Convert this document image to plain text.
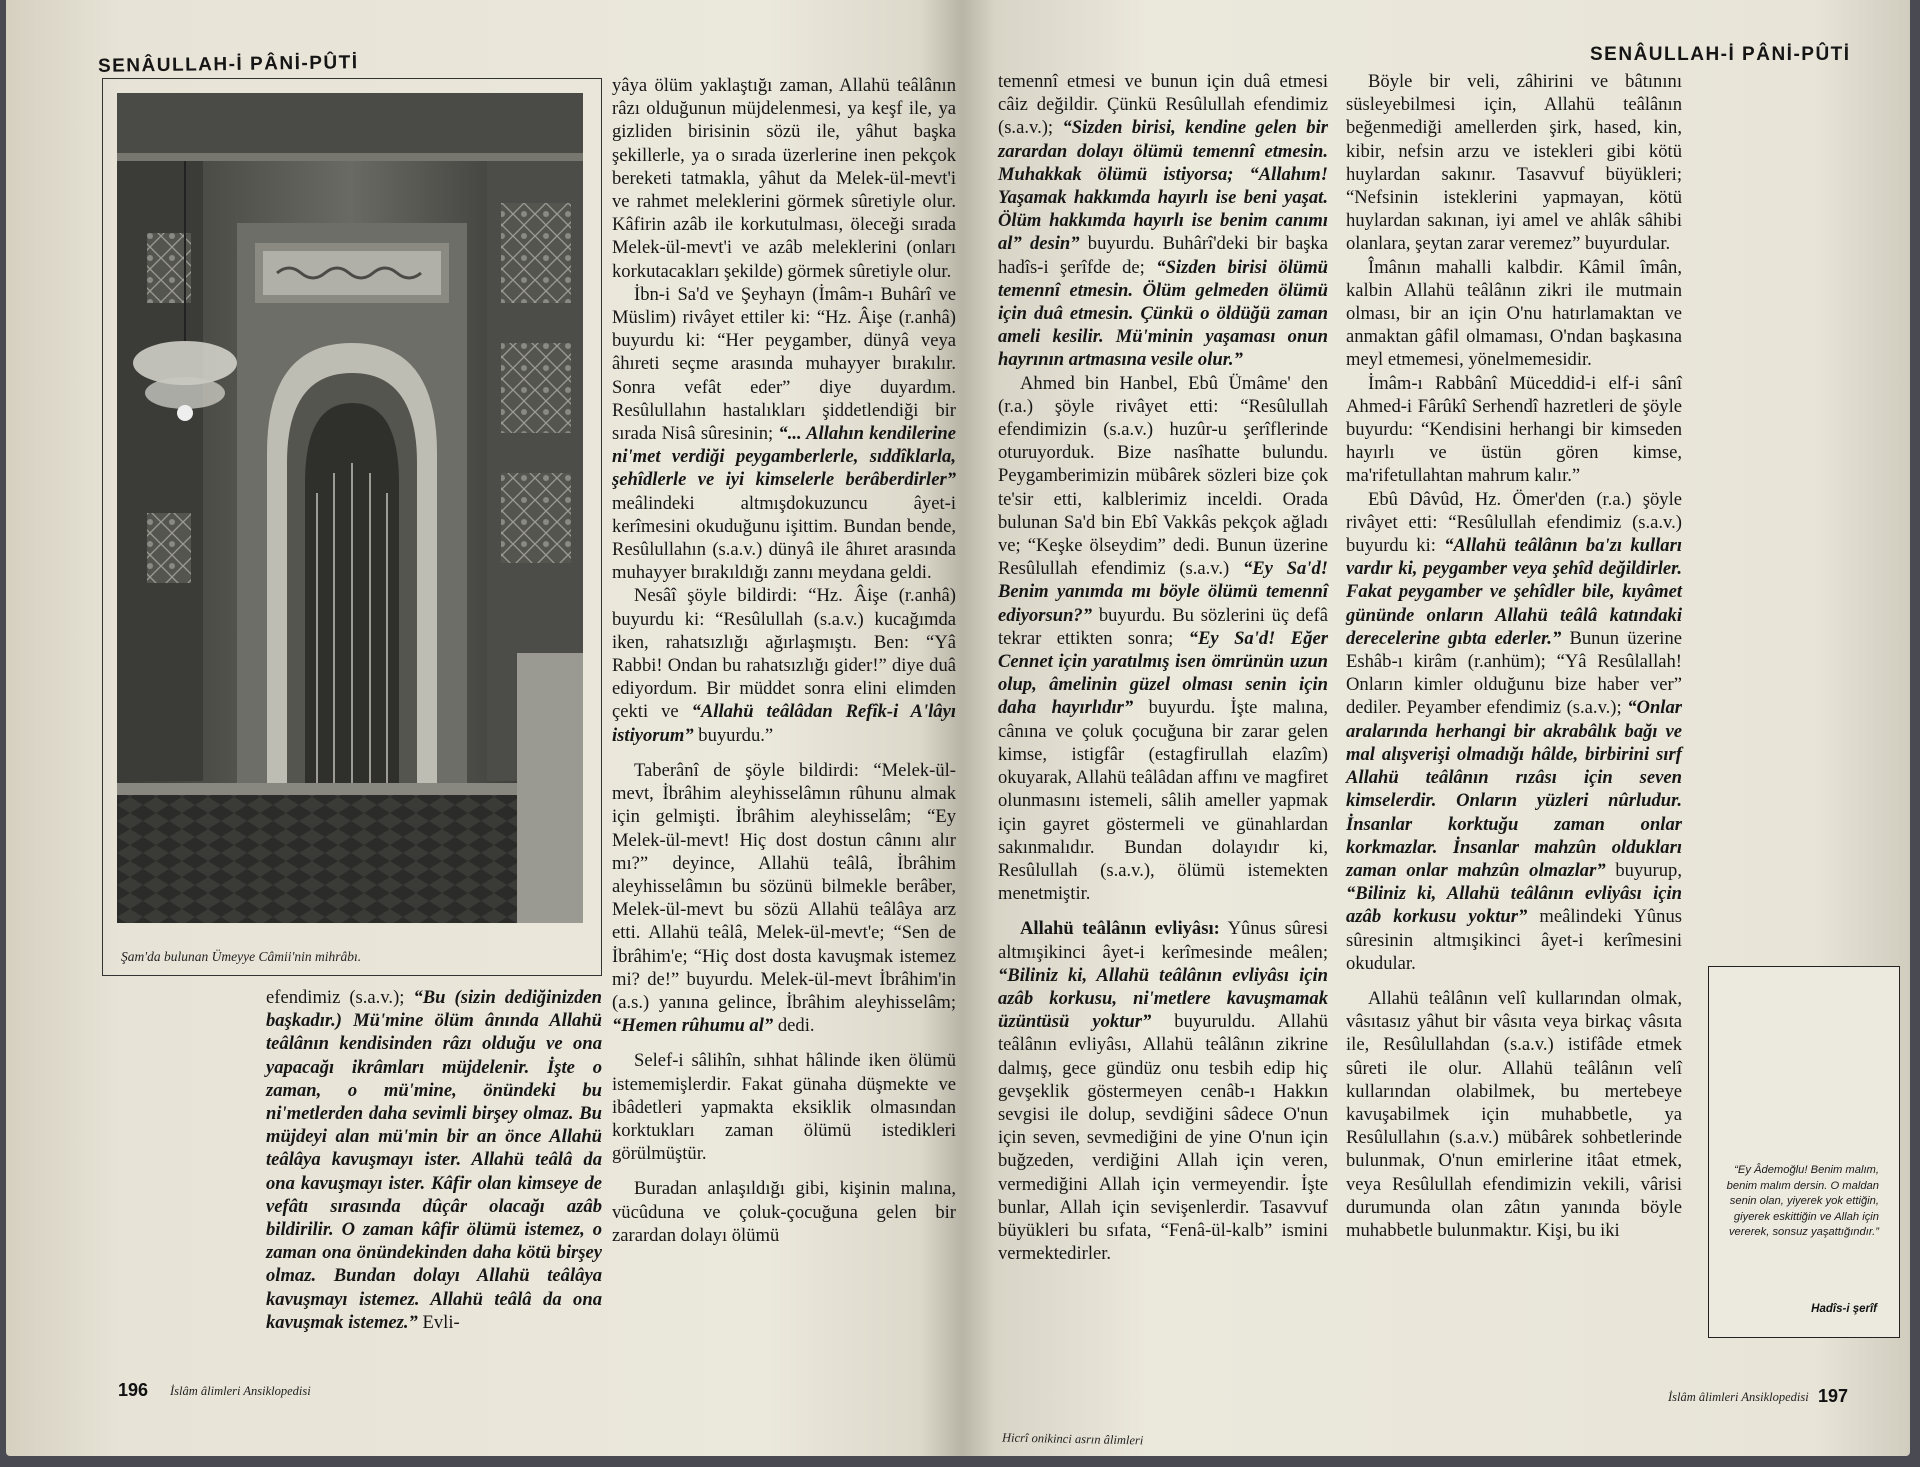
SENÂULLAH-İ PÂNİ-PÛTİ
Şam'da bulunan Ümeyye Câmii'nin mihrâbı.

efendimiz (s.a.v.); “Bu (sizin dediğinizden başkadır.) Mü'mine ölüm ânında Allahü teâlânın kendisinden râzı olduğu ve ona yapacağı ikrâmları müjdelenir. İşte o zaman, o mü'mine, önündeki bu ni'metlerden daha sevimli birşey olmaz. Bu müjdeyi alan mü'min bir an önce Allahü teâlâya kavuşmayı ister. Allahü teâlâ da ona kavuşmayı ister. Kâfir olan kimseye de vefâtı sırasında dûçâr olacağı azâb bildirilir. O zaman kâfir ölümü istemez, o zaman ona önündekinden daha kötü birşey olmaz. Bundan dolayı Allahü teâlâya kavuşmayı istemez. Allahü teâlâ da ona kavuşmak istemez.” Evli-

yâya ölüm yaklaştığı zaman, Allahü teâlânın râzı olduğunun müjdelenmesi, ya keşf ile, ya gizliden birisinin sözü ile, yâhut başka şekillerle, ya o sırada üzerlerine inen pekçok bereketi tatmakla, yâhut da Melek-ül-mevt'i ve rahmet meleklerini görmek sûretiyle olur. Kâfirin azâb ile korkutulması, öleceği sırada Melek-ül-mevt'i ve azâb meleklerini (onları korkutacakları şekilde) görmek sûretiyle olur.

İbn-i Sa'd ve Şeyhayn (İmâm-ı Buhârî ve Müslim) rivâyet ettiler ki: “Hz. Âişe (r.anhâ) buyurdu ki: “Her peygamber, dünyâ veya âhıreti seçme arasında muhayyer bırakılır. Sonra vefât eder” diye duyardım. Resûlullahın hastalıkları şiddetlendiği bir sırada Nisâ sûresinin; “... Allahın kendilerine ni'met verdiği peygamberlerle, sıddîklarla, şehîdlerle ve iyi kimselerle berâberdirler” meâlindeki altmışdokuzuncu âyet-i kerîmesini okuduğunu işittim. Bundan bende, Resûlullahın (s.a.v.) dünyâ ile âhıret arasında muhayyer bırakıldığı zannı meydana geldi.

Nesâî şöyle bildirdi: “Hz. Âişe (r.anhâ) buyurdu ki: “Resûlullah (s.a.v.) kucağımda iken, rahatsızlığı ağırlaşmıştı. Ben: “Yâ Rabbi! Ondan bu rahatsızlığı gider!” diye duâ ediyordum. Bir müddet sonra elini elimden çekti ve “Allahü teâlâdan Refîk-i A'lâyı istiyorum” buyurdu.”

Taberânî de şöyle bildirdi: “Melek-ül-mevt, İbrâhim aleyhisselâmın rûhunu almak için gelmişti. İbrâhim aleyhisselâm; “Ey Melek-ül-mevt! Hiç dost dostun cânını alır mı?” deyince, Allahü teâlâ, İbrâhim aleyhisselâmın bu sözünü bilmekle berâber, Melek-ül-mevt bu sözü Allahü teâlâya arz etti. Allahü teâlâ, Melek-ül-mevt'e; “Sen de İbrâhim'e; “Hiç dost dosta kavuşmak istemez mi? de!” buyurdu. Melek-ül-mevt İbrâhim'in (a.s.) yanına gelince, İbrâhim aleyhisselâm; “Hemen rûhumu al” dedi.

Selef-i sâlihîn, sıhhat hâlinde iken ölümü istememişlerdir. Fakat günaha düşmekte ve ibâdetleri yapmakta eksiklik olmasından korktukları zaman ölümü istedikleri görülmüştür.

Buradan anlaşıldığı gibi, kişinin malına, vücûduna ve çoluk-çocuğuna gelen bir zarardan dolayı ölümü

196 İslâm âlimleri Ansiklopedisi
SENÂULLAH-İ PÂNİ-PÛTİ

temennî etmesi ve bunun için duâ etmesi câiz değildir. Çünkü Resûlullah efendimiz (s.a.v.); “Sizden birisi, kendine gelen bir zarardan dolayı ölümü temennî etmesin. Muhakkak ölümü istiyorsa; “Allahım! Yaşamak hakkımda hayırlı ise beni yaşat. Ölüm hakkımda hayırlı ise benim canımı al” desin” buyurdu. Buhârî'deki bir başka hadîs-i şerîfde de; “Sizden birisi ölümü temennî etmesin. Ölüm gelmeden ölümü için duâ etmesin. Çünkü o öldüğü zaman ameli kesilir. Mü'minin yaşaması onun hayrının artmasına vesile olur.”

Ahmed bin Hanbel, Ebû Ümâme' den (r.a.) şöyle rivâyet etti: “Resûlullah efendimizin (s.a.v.) huzûr-u şerîflerinde oturuyorduk. Bize nasîhatte bulundu. Peygamberimizin mübârek sözleri bize çok te'sir etti, kalblerimiz inceldi. Orada bulunan Sa'd bin Ebî Vakkâs pekçok ağladı ve; “Keşke ölseydim” dedi. Bunun üzerine Resûlullah efendimiz (s.a.v.) “Ey Sa'd! Benim yanımda mı böyle ölümü temennî ediyorsun?” buyurdu. Bu sözlerini üç defâ tekrar ettikten sonra; “Ey Sa'd! Eğer Cennet için yaratılmış isen ömrünün uzun olup, âmelinin güzel olması senin için daha hayırlıdır” buyurdu. İşte malına, cânına ve çoluk çocuğuna bir zarar gelen kimse, istigfâr (estagfirullah elazîm) okuyarak, Allahü teâlâdan affını ve magfiret olunmasını istemeli, sâlih ameller yapmak için gayret göstermeli ve günahlardan sakınmalıdır. Bundan dolayıdır ki, Resûlullah (s.a.v.), ölümü istemekten menetmiştir.

Allahü teâlânın evliyâsı: Yûnus sûresi altmışikinci âyet-i kerîmesinde meâlen; “Biliniz ki, Allahü teâlânın evliyâsı için azâb korkusu, ni'metlere kavuşmamak üzüntüsü yoktur” buyuruldu. Allahü teâlânın evliyâsı, Allahü teâlânın zikrine dalmış, gece gündüz onu tesbih edip hiç gevşeklik göstermeyen cenâb-ı Hakkın sevgisi ile dolup, sevdiğini sâdece O'nun için seven, sevmediğini de yine O'nun için buğzeden, verdiğini Allah için veren, vermediğini Allah için vermeyendir. İşte bunlar, Allah için sevişenlerdir. Tasavvuf büyükleri bu sıfata, “Fenâ-ül-kalb” ismini vermektedirler.

Böyle bir veli, zâhirini ve bâtınını süsleyebilmesi için, Allahü teâlânın beğenmediği amellerden şirk, hased, kin, kibir, nefsin arzu ve istekleri gibi kötü huylardan sakınır. Tasavvuf büyükleri; “Nefsinin isteklerini yapmayan, kötü huylardan sakınan, iyi amel ve ahlâk sâhibi olanlara, şeytan zarar veremez” buyurdular.

Îmânın mahalli kalbdir. Kâmil îmân, kalbin Allahü teâlânın zikri ile mutmain olması, bir an için O'nu hatırlamaktan ve anmaktan gâfil olmaması, O'ndan başkasına meyl etmemesi, yönelmemesidir.

İmâm-ı Rabbânî Müceddid-i elf-i sânî Ahmed-i Fârûkî Serhendî hazretleri de şöyle buyurdu: “Kendisini herhangi bir kimseden hayırlı ve üstün gören kimse, ma'rifetullahtan mahrum kalır.”

Ebû Dâvûd, Hz. Ömer'den (r.a.) şöyle rivâyet etti: “Resûlullah efendimiz (s.a.v.) buyurdu ki: “Allahü teâlânın ba'zı kulları vardır ki, peygamber veya şehîd değildirler. Fakat peygamber ve şehîdler bile, kıyâmet gününde onların Allahü teâlâ katındaki derecelerine gıbta ederler.” Bunun üzerine Eshâb-ı kirâm (r.anhüm); “Yâ Resûlallah! Onların kimler olduğunu bize haber ver” dediler. Peyamber efendimiz (s.a.v.); “Onlar aralarında herhangi bir akrabâlık bağı ve mal alışverişi olmadığı hâlde, birbirini sırf Allahü teâlânın rızâsı için seven kimselerdir. Onların yüzleri nûrludur. İnsanlar korktuğu zaman onlar korkmazlar. İnsanlar mahzûn oldukları zaman onlar mahzûn olmazlar” buyurup, “Biliniz ki, Allahü teâlânın evliyâsı için azâb korkusu yoktur” meâlindeki Yûnus sûresinin altmışikinci âyet-i kerîmesini okudular.

Allahü teâlânın velî kullarından olmak, vâsıtasız yâhut bir vâsıta veya birkaç vâsıta ile, Resûlullahdan (s.a.v.) istifâde etmek sûreti ile olur. Allahü teâlânın velî kullarından olabilmek, bu mertebeye kavuşabilmek için muhabbetle, ya Resûlullahın (s.a.v.) mübârek sohbetlerinde bulunmak, O'nun emirlerine itâat etmek, veya Resûlullah efendimizin vekili, vârisi durumunda olan zâtın yanında böyle muhabbetle bulunmaktır. Kişi, bu iki

“Ey Âdemoğlu! Benim malım, benim malım dersin. O maldan senin olan, yiyerek yok ettiğin, giyerek eskittiğin ve Allah için vererek, sonsuz yaşattığındır.”
Hadîs-i şerîf
Hicrî onikinci asrın âlimleri
İslâm âlimleri Ansiklopedisi 197
